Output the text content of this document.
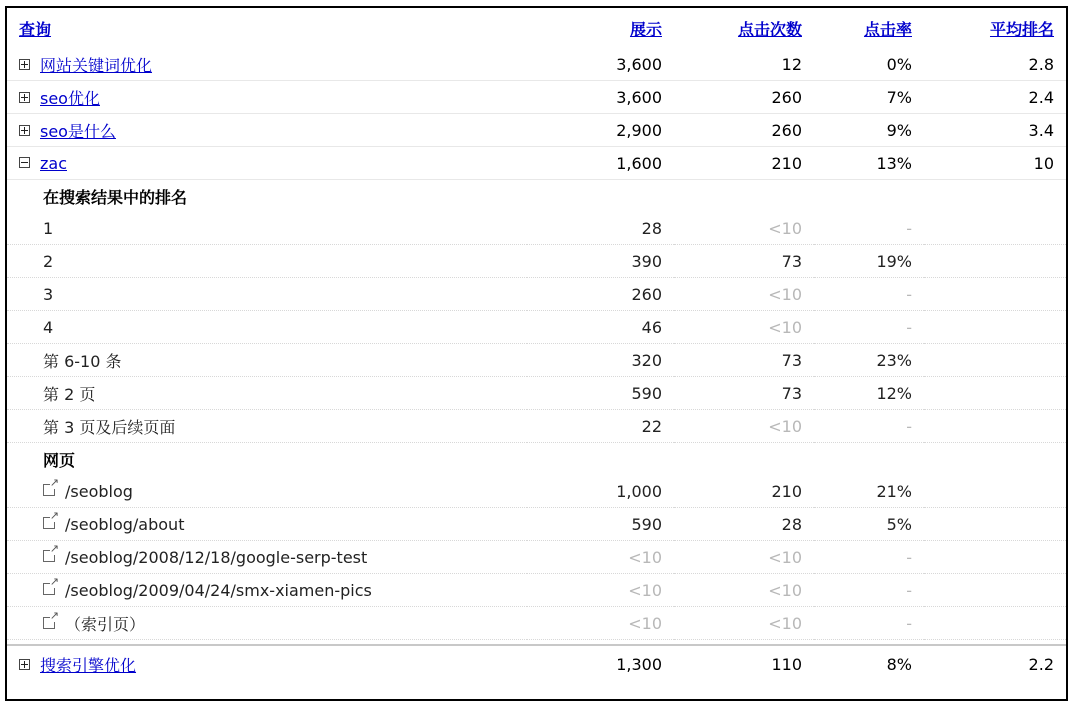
查询	展示	点击次数	点击率	平均排名
网站关键词优化	3,600	12	0%	2.8
seo优化	3,600	260	7%	2.4
seo是什么	2,900	260	9%	3.4
zac	1,600	210	13%	10
在搜索结果中的排名				
1	28	<10	-	
2	390	73	19%	
3	260	<10	-	
4	46	<10	-	
第 6-10 条	320	73	23%	
第 2 页	590	73	12%	
第 3 页及后续页面	22	<10	-	
网页				
↗/seoblog	1,000	210	21%	
↗/seoblog/about	590	28	5%	
↗/seoblog/2008/12/18/google-serp-test	<10	<10	-	
↗/seoblog/2009/04/24/smx-xiamen-pics	<10	<10	-	
↗（索引页）	<10	<10	-	

搜索引擎优化	1,300	110	8%	2.2
